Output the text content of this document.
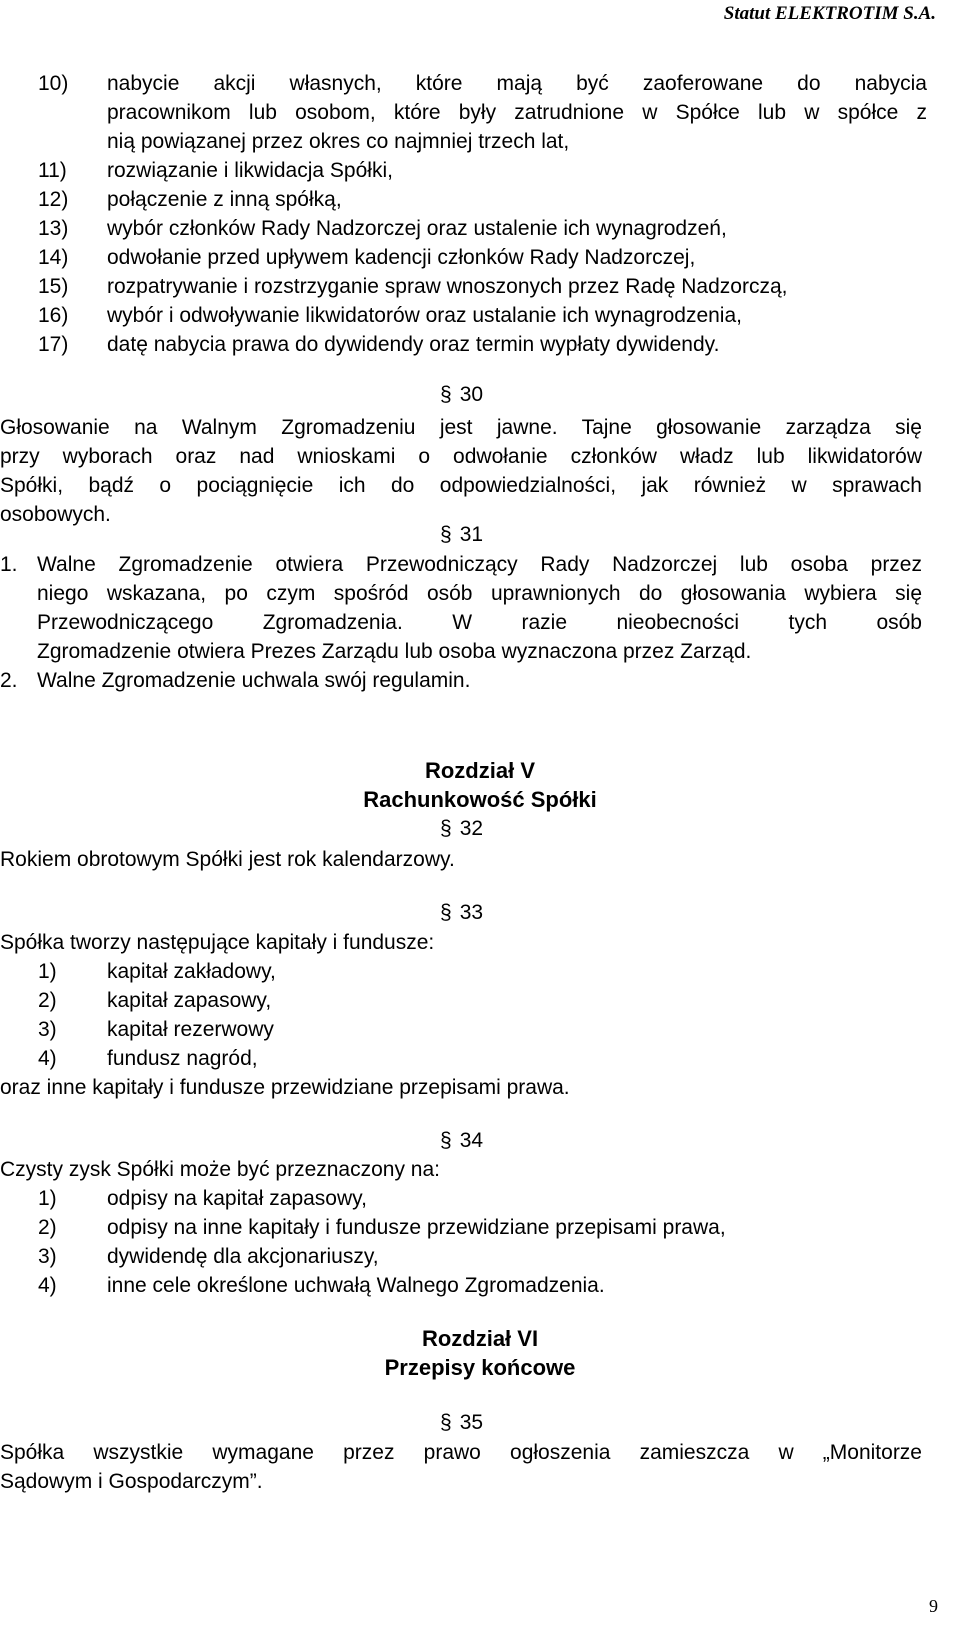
Statut ELEKTROTIM S.A.
10) nabycie akcji własnych, które mają być zaoferowane do nabycia
pracownikom lub osobom, które były zatrudnione w Spółce lub w spółce z
nią powiązanej przez okres co najmniej trzech lat,
11) rozwiązanie i likwidacja Spółki,
12) połączenie z inną spółką,
13) wybór członków Rady Nadzorczej oraz ustalenie ich wynagrodzeń,
14) odwołanie przed upływem kadencji członków Rady Nadzorczej,
15) rozpatrywanie i rozstrzyganie spraw wnoszonych przez Radę Nadzorczą,
16) wybór i odwoływanie likwidatorów oraz ustalanie ich wynagrodzenia,
17) datę nabycia prawa do dywidendy oraz termin wypłaty dywidendy.
§ 30
Głosowanie na Walnym Zgromadzeniu jest jawne. Tajne głosowanie zarządza się
przy wyborach oraz nad wnioskami o odwołanie członków władz lub likwidatorów
Spółki, bądź o pociągnięcie ich do odpowiedzialności, jak również w sprawach
osobowych.
§ 31
1. Walne Zgromadzenie otwiera Przewodniczący Rady Nadzorczej lub osoba przez
niego wskazana, po czym spośród osób uprawnionych do głosowania wybiera się
Przewodniczącego Zgromadzenia. W razie nieobecności tych osób
Zgromadzenie otwiera Prezes Zarządu lub osoba wyznaczona przez Zarząd.
2. Walne Zgromadzenie uchwala swój regulamin.
Rozdział V
Rachunkowość Spółki
§ 32
Rokiem obrotowym Spółki jest rok kalendarzowy.
§ 33
Spółka tworzy następujące kapitały i fundusze:
1) kapitał zakładowy,
2) kapitał zapasowy,
3) kapitał rezerwowy
4) fundusz nagród,
oraz inne kapitały i fundusze przewidziane przepisami prawa.
§ 34
Czysty zysk Spółki może być przeznaczony na:
1) odpisy na kapitał zapasowy,
2) odpisy na inne kapitały i fundusze przewidziane przepisami prawa,
3) dywidendę dla akcjonariuszy,
4) inne cele określone uchwałą Walnego Zgromadzenia.
Rozdział VI
Przepisy końcowe
§ 35
Spółka wszystkie wymagane przez prawo ogłoszenia zamieszcza w „Monitorze
Sądowym i Gospodarczym”.
9
